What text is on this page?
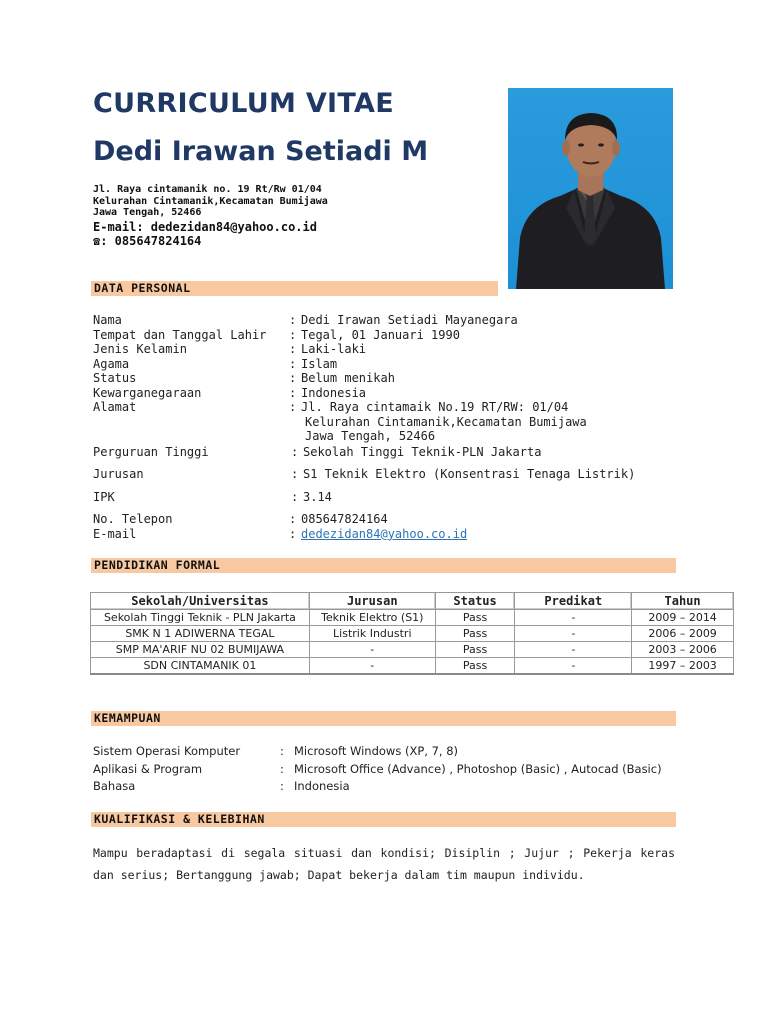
CURRICULUM VITAE
Dedi Irawan Setiadi M
Jl. Raya cintamanik no. 19 Rt/Rw 01/04
Kelurahan Cintamanik,Kecamatan Bumijawa
Jawa Tengah, 52466
E-mail: dedezidan84@yahoo.co.id
☎: 085647824164
DATA PERSONAL
Nama	: Dedi Irawan Setiadi Mayanegara
Tempat dan Tanggal Lahir : Tegal, 01 Januari 1990
Jenis Kelamin	: Laki-laki
Agama	: Islam
Status	: Belum menikah
Kewarganegaraan	: Indonesia
Alamat	: Jl. Raya cintamaik No.19 RT/RW: 01/04
Kelurahan Cintamanik,Kecamatan Bumijawa
Jawa Tengah, 52466
Perguruan Tinggi	: Sekolah Tinggi Teknik-PLN Jakarta
Jurusan	: S1 Teknik Elektro (Konsentrasi Tenaga Listrik)
IPK	: 3.14
No. Telepon	: 085647824164
E-mail	: dedezidan84@yahoo.co.id
PENDIDIKAN FORMAL
Sekolah/Universitas	Jurusan	Status	Predikat	Tahun
Sekolah Tinggi Teknik - PLN Jakarta	Teknik Elektro (S1)	Pass	-	2009 – 2014
SMK N 1 ADIWERNA TEGAL	Listrik Industri	Pass	-	2006 – 2009
SMP MA'ARIF NU 02 BUMIJAWA	-	Pass	-	2003 – 2006
SDN CINTAMANIK 01	-	Pass	-	1997 – 2003
KEMAMPUAN
Sistem Operasi Komputer	: Microsoft Windows (XP, 7, 8)
Aplikasi & Program	: Microsoft Office (Advance) , Photoshop (Basic) , Autocad (Basic)
Bahasa	: Indonesia
KUALIFIKASI & KELEBIHAN
Mampu beradaptasi di segala situasi dan kondisi; Disiplin ; Jujur ; Pekerja keras dan serius; Bertanggung jawab; Dapat bekerja dalam tim maupun individu.
